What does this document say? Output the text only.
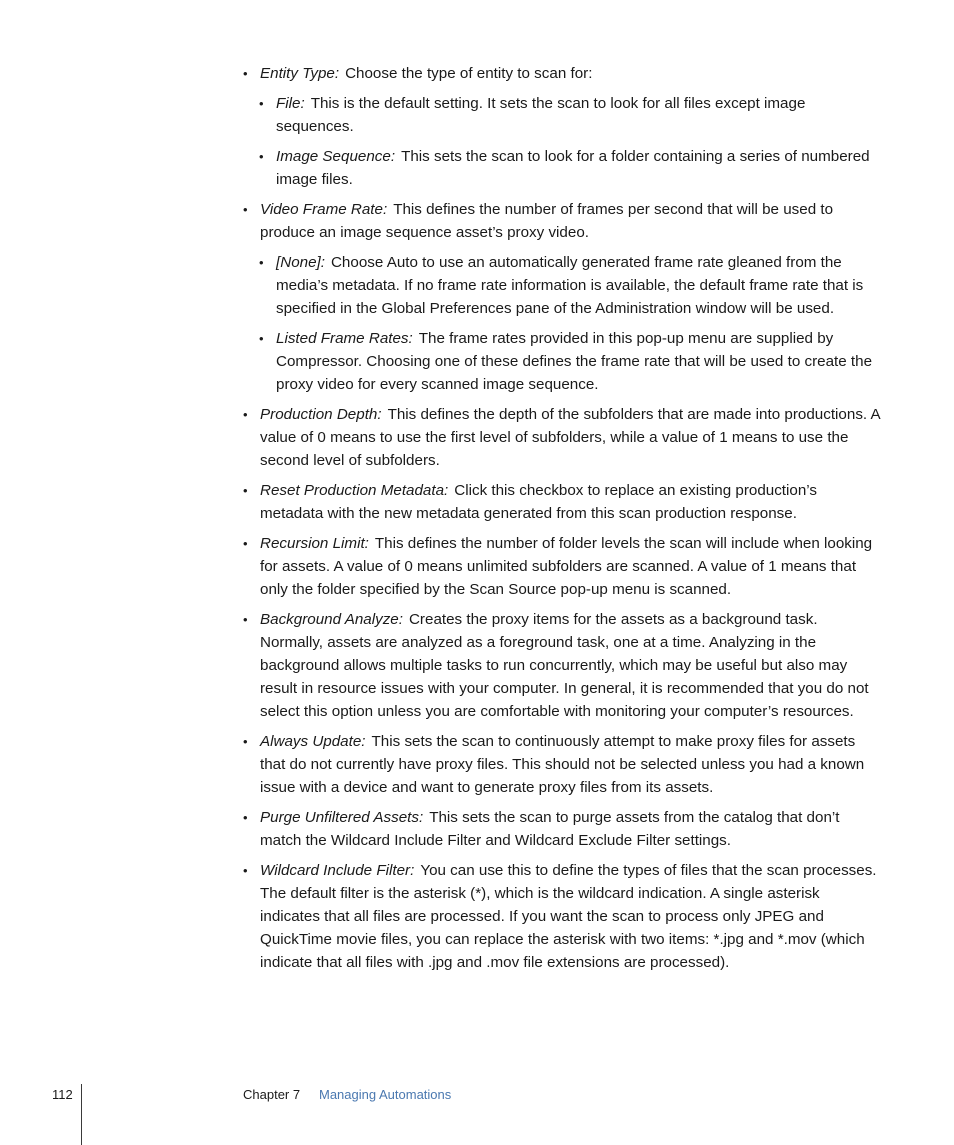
• Entity Type: Choose the type of entity to scan for:
• File: This is the default setting. It sets the scan to look for all files except image sequences.
• Image Sequence: This sets the scan to look for a folder containing a series of numbered image files.
• Video Frame Rate: This defines the number of frames per second that will be used to produce an image sequence asset’s proxy video.
• [None]: Choose Auto to use an automatically generated frame rate gleaned from the media’s metadata. If no frame rate information is available, the default frame rate that is specified in the Global Preferences pane of the Administration window will be used.
• Listed Frame Rates: The frame rates provided in this pop-up menu are supplied by Compressor. Choosing one of these defines the frame rate that will be used to create the proxy video for every scanned image sequence.
• Production Depth: This defines the depth of the subfolders that are made into productions. A value of 0 means to use the first level of subfolders, while a value of 1 means to use the second level of subfolders.
• Reset Production Metadata: Click this checkbox to replace an existing production’s metadata with the new metadata generated from this scan production response.
• Recursion Limit: This defines the number of folder levels the scan will include when looking for assets. A value of 0 means unlimited subfolders are scanned. A value of 1 means that only the folder specified by the Scan Source pop-up menu is scanned.
• Background Analyze: Creates the proxy items for the assets as a background task. Normally, assets are analyzed as a foreground task, one at a time. Analyzing in the background allows multiple tasks to run concurrently, which may be useful but also may result in resource issues with your computer. In general, it is recommended that you do not select this option unless you are comfortable with monitoring your computer’s resources.
• Always Update: This sets the scan to continuously attempt to make proxy files for assets that do not currently have proxy files. This should not be selected unless you had a known issue with a device and want to generate proxy files from its assets.
• Purge Unfiltered Assets: This sets the scan to purge assets from the catalog that don’t match the Wildcard Include Filter and Wildcard Exclude Filter settings.
• Wildcard Include Filter: You can use this to define the types of files that the scan processes. The default filter is the asterisk (*), which is the wildcard indication. A single asterisk indicates that all files are processed. If you want the scan to process only JPEG and QuickTime movie files, you can replace the asterisk with two items: *.jpg and *.mov (which indicate that all files with .jpg and .mov file extensions are processed).
112	Chapter 7 Managing Automations
